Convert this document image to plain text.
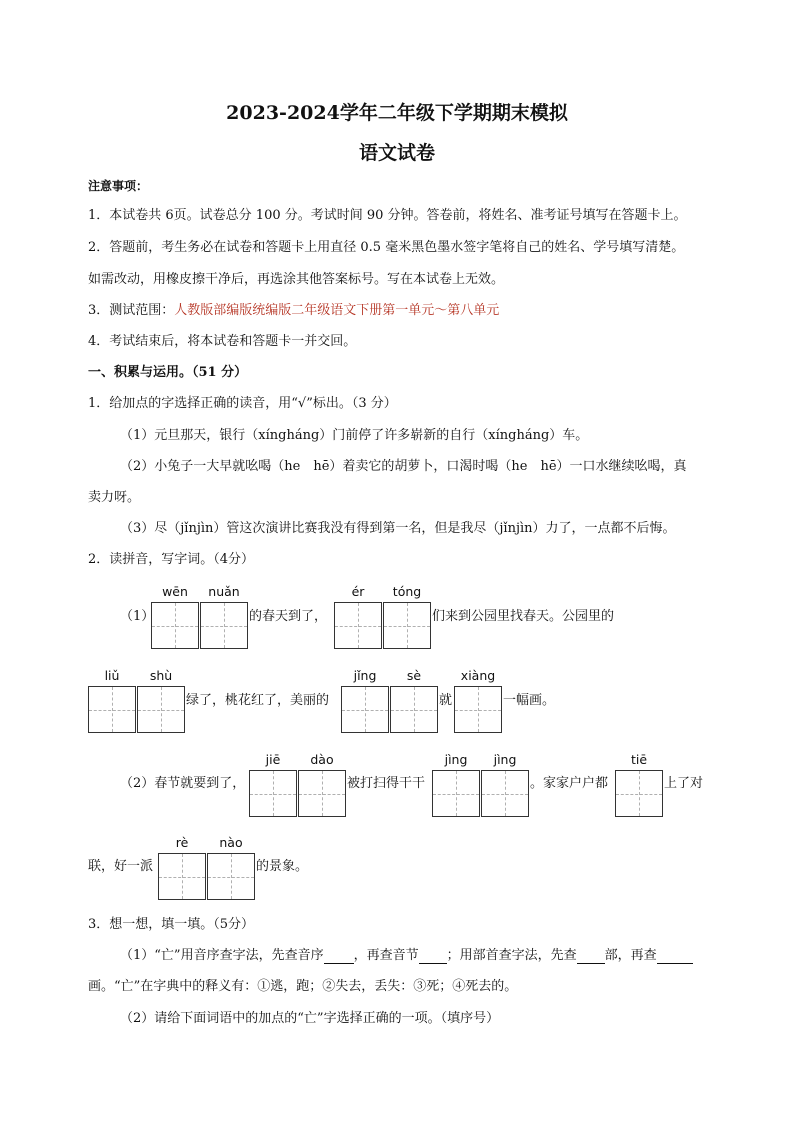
2023-2024学年二年级下学期期末模拟
语文试卷
注意事项：
1．本试卷共 6页。试卷总分 100 分。考试时间 90 分钟。答卷前，将姓名、准考证号填写在答题卡上。
2．答题前，考生务必在试卷和答题卡上用直径 0.5 毫米黑色墨水签字笔将自己的姓名、学号填写清楚。
如需改动，用橡皮擦干净后，再选涂其他答案标号。写在本试卷上无效。
3．测试范围：人教版部编版统编版二年级语文下册第一单元～第八单元
4．考试结束后，将本试卷和答题卡一并交回。
一、积累与运用。（51 分）
1．给加点的字选择正确的读音，用“√”标出。（3 分）
（1）元旦那天，银行（xíngháng）门前停了许多崭新的自行（xíngháng）车。
（2）小兔子一大早就吆喝（he　hē）着卖它的胡萝卜，口渴时喝（he　hē）一口水继续吆喝，真
卖力呀。
（3）尽（jǐnjìn）管这次演讲比赛我没有得到第一名，但是我尽（jǐnjìn）力了，一点都不后悔。
2．读拼音，写字词。（4分）
wēn	nuǎn
（1）	的春天到了，
ér	tóng
们来到公园里找春天。公园里的
liǔ	shù
绿了，桃花红了，美丽的
jǐng	sè
就
xiàng
一幅画。
（2）春节就要到了，
jiē	dào
被打扫得干干
jìng	jìng
。家家户户都
tiē
上了对
联，好一派
rè	nào
的景象。
3．想一想，填一填。（5分）
（1）“亡”用音序查字法，先查音序 ，再查音节 ；用部首查字法，先查 部，再查
画。“亡”在字典中的释义有：①逃，跑；②失去，丢失：③死；④死去的。
（2）请给下面词语中的加点的“亡”字选择正确的一项。（填序号）
